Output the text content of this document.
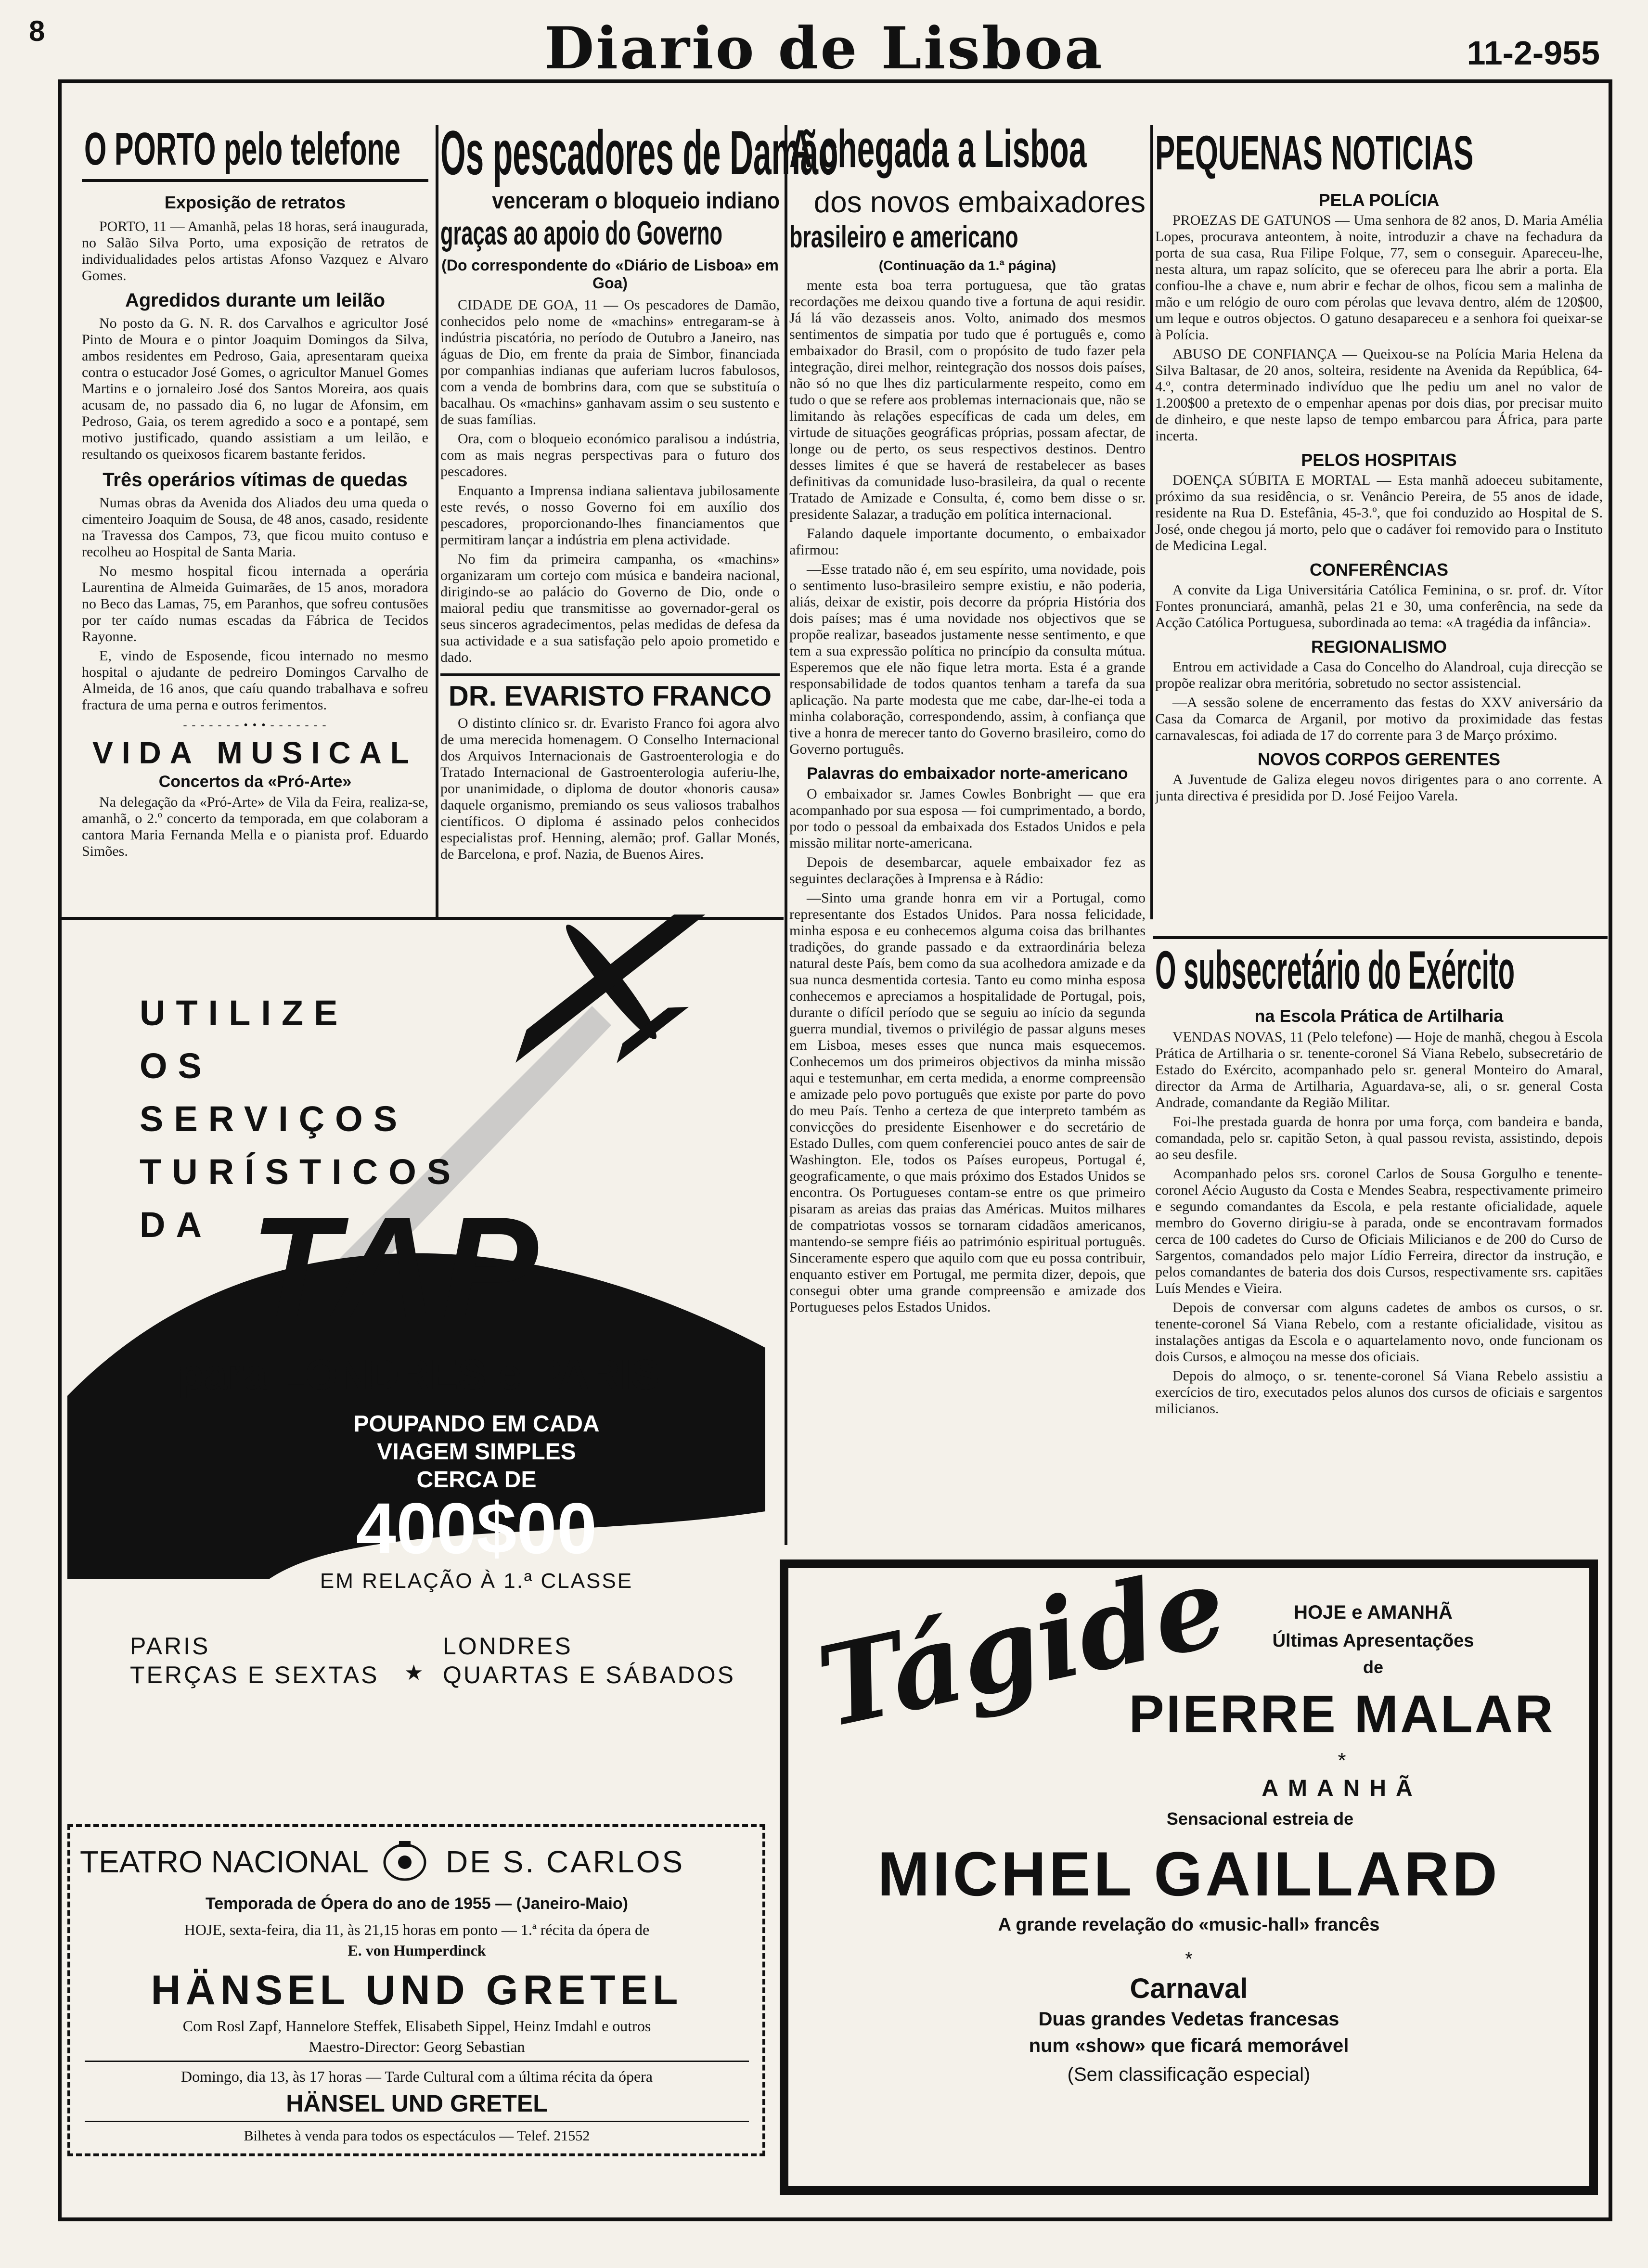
8	Diario de Lisboa	11-2-955
O PORTO pelo telefone
Exposição de retratos

PORTO, 11 — Amanhã, pelas 18 horas, será inaugurada, no Salão Silva Porto, uma exposição de retratos de individualidades pelos artistas Afonso Vazquez e Alvaro Gomes.

Agredidos durante um leilão

No posto da G. N. R. dos Carvalhos e agricultor José Pinto de Moura e o pintor Joaquim Domingos da Silva, ambos residentes em Pedroso, Gaia, apresentaram queixa contra o estucador José Gomes, o agricultor Manuel Gomes Martins e o jornaleiro José dos Santos Moreira, aos quais acusam de, no passado dia 6, no lugar de Afonsim, em Pedroso, Gaia, os terem agredido a soco e a pontapé, sem motivo justificado, quando assistiam a um leilão, e resultando os queixosos ficarem bastante feridos.

Três operários vítimas de quedas

Numas obras da Avenida dos Aliados deu uma queda o cimenteiro Joaquim de Sousa, de 48 anos, casado, residente na Travessa dos Campos, 73, que ficou muito contuso e recolheu ao Hospital de Santa Maria.

No mesmo hospital ficou internada a operária Laurentina de Almeida Guimarães, de 15 anos, moradora no Beco das Lamas, 75, em Paranhos, que sofreu contusões por ter caído numas escadas da Fábrica de Tecidos Rayonne.

E, vindo de Esposende, ficou internado no mesmo hospital o ajudante de pedreiro Domingos Carvalho de Almeida, de 16 anos, que caíu quando trabalhava e sofreu fractura de uma perna e outros ferimentos.

- - - - - - - • • • - - - - - - -
VIDA MUSICAL
Concertos da «Pró-Arte»

Na delegação da «Pró-Arte» de Vila da Feira, realiza-se, amanhã, o 2.º concerto da temporada, em que colaboram a cantora Maria Fernanda Mella e o pianista prof. Eduardo Simões.

Os pescadores de Damão
venceram o bloqueio indiano
graças ao apoio do Governo
(Do correspondente do «Diário de Lisboa» em Goa)

CIDADE DE GOA, 11 — Os pescadores de Damão, conhecidos pelo nome de «machins» entregaram-se à indústria piscatória, no período de Outubro a Janeiro, nas águas de Dio, em frente da praia de Simbor, financiada por companhias indianas que auferiam lucros fabulosos, com a venda de bombrins dara, com que se substituía o bacalhau. Os «machins» ganhavam assim o seu sustento e de suas famílias.

Ora, com o bloqueio económico paralisou a indústria, com as mais negras perspectivas para o futuro dos pescadores.

Enquanto a Imprensa indiana salientava jubilosamente este revés, o nosso Governo foi em auxílio dos pescadores, proporcionando-lhes financiamentos que permitiram lançar a indústria em plena actividade.

No fim da primeira campanha, os «machins» organizaram um cortejo com música e bandeira nacional, dirigindo-se ao palácio do Governo de Dio, onde o maioral pediu que transmitisse ao governador-geral os seus sinceros agradecimentos, pelas medidas de defesa da sua actividade e a sua satisfação pelo apoio prometido e dado.

DR. EVARISTO FRANCO

O distinto clínico sr. dr. Evaristo Franco foi agora alvo de uma merecida homenagem. O Conselho Internacional dos Arquivos Internacionais de Gastroenterologia e do Tratado Internacional de Gastroenterologia auferiu-lhe, por unanimidade, o diploma de doutor «honoris causa» daquele organismo, premiando os seus valiosos trabalhos científicos. O diploma é assinado pelos conhecidos especialistas prof. Henning, alemão; prof. Gallar Monés, de Barcelona, e prof. Nazia, de Buenos Aires.

A chegada a Lisboa
dos novos embaixadores
brasileiro e americano
(Continuação da 1.ª página)

mente esta boa terra portuguesa, que tão gratas recordações me deixou quando tive a fortuna de aqui residir. Já lá vão dezasseis anos. Volto, animado dos mesmos sentimentos de simpatia por tudo que é português e, como embaixador do Brasil, com o propósito de tudo fazer pela integração, direi melhor, reintegração dos nossos dois países, não só no que lhes diz particularmente respeito, como em tudo o que se refere aos problemas internacionais que, não se limitando às relações específicas de cada um deles, em virtude de situações geográficas próprias, possam afectar, de longe ou de perto, os seus respectivos destinos. Dentro desses limites é que se haverá de restabelecer as bases definitivas da comunidade luso-brasileira, da qual o recente Tratado de Amizade e Consulta, é, como bem disse o sr. presidente Salazar, a tradução em política internacional.

Falando daquele importante documento, o embaixador afirmou:

—Esse tratado não é, em seu espírito, uma novidade, pois o sentimento luso-brasileiro sempre existiu, e não poderia, aliás, deixar de existir, pois decorre da própria História dos dois países; mas é uma novidade nos objectivos que se propõe realizar, baseados justamente nesse sentimento, e que tem a sua expressão política no princípio da consulta mútua. Esperemos que ele não fique letra morta. Esta é a grande responsabilidade de todos quantos tenham a tarefa da sua aplicação. Na parte modesta que me cabe, dar-lhe-ei toda a minha colaboração, correspondendo, assim, à confiança que tive a honra de merecer tanto do Governo brasileiro, como do Governo português.

Palavras do embaixador norte-americano

O embaixador sr. James Cowles Bonbright — que era acompanhado por sua esposa — foi cumprimentado, a bordo, por todo o pessoal da embaixada dos Estados Unidos e pela missão militar norte-americana.

Depois de desembarcar, aquele embaixador fez as seguintes declarações à Imprensa e à Rádio:

—Sinto uma grande honra em vir a Portugal, como representante dos Estados Unidos. Para nossa felicidade, minha esposa e eu conhecemos alguma coisa das brilhantes tradições, do grande passado e da extraordinária beleza natural deste País, bem como da sua acolhedora amizade e da sua nunca desmentida cortesia. Tanto eu como minha esposa conhecemos e apreciamos a hospitalidade de Portugal, pois, durante o difícil período que se seguiu ao início da segunda guerra mundial, tivemos o privilégio de passar alguns meses em Lisboa, meses esses que nunca mais esquecemos. Conhecemos um dos primeiros objectivos da minha missão aqui e testemunhar, em certa medida, a enorme compreensão e amizade pelo povo português que existe por parte do povo do meu País. Tenho a certeza de que interpreto também as convicções do presidente Eisenhower e do secretário de Estado Dulles, com quem conferenciei pouco antes de sair de Washington. Ele, todos os Países europeus, Portugal é, geograficamente, o que mais próximo dos Estados Unidos se encontra. Os Portugueses contam-se entre os que primeiro pisaram as areias das praias das Américas. Muitos milhares de compatriotas vossos se tornaram cidadãos americanos, mantendo-se sempre fiéis ao património espiritual português. Sinceramente espero que aquilo com que eu possa contribuir, enquanto estiver em Portugal, me permita dizer, depois, que consegui obter uma grande compreensão e amizade dos Portugueses pelos Estados Unidos.

PEQUENAS NOTICIAS
PELA POLÍCIA

PROEZAS DE GATUNOS — Uma senhora de 82 anos, D. Maria Amélia Lopes, procurava anteontem, à noite, introduzir a chave na fechadura da porta de sua casa, Rua Filipe Folque, 77, sem o conseguir. Apareceu-lhe, nesta altura, um rapaz solícito, que se ofereceu para lhe abrir a porta. Ela confiou-lhe a chave e, num abrir e fechar de olhos, ficou sem a malinha de mão e um relógio de ouro com pérolas que levava dentro, além de 120$00, um leque e outros objectos. O gatuno desapareceu e a senhora foi queixar-se à Polícia.

ABUSO DE CONFIANÇA — Queixou-se na Polícia Maria Helena da Silva Baltasar, de 20 anos, solteira, residente na Avenida da República, 64-4.º, contra determinado indivíduo que lhe pediu um anel no valor de 1.200$00 a pretexto de o empenhar apenas por dois dias, por precisar muito de dinheiro, e que neste lapso de tempo embarcou para África, para parte incerta.

PELOS HOSPITAIS

DOENÇA SÚBITA E MORTAL — Esta manhã adoeceu subitamente, próximo da sua residência, o sr. Venâncio Pereira, de 55 anos de idade, residente na Rua D. Estefânia, 45-3.º, que foi conduzido ao Hospital de S. José, onde chegou já morto, pelo que o cadáver foi removido para o Instituto de Medicina Legal.

CONFERÊNCIAS

A convite da Liga Universitária Católica Feminina, o sr. prof. dr. Vítor Fontes pronunciará, amanhã, pelas 21 e 30, uma conferência, na sede da Acção Católica Portuguesa, subordinada ao tema: «A tragédia da infância».

REGIONALISMO

Entrou em actividade a Casa do Concelho do Alandroal, cuja direcção se propõe realizar obra meritória, sobretudo no sector assistencial.

—A sessão solene de encerramento das festas do XXV aniversário da Casa da Comarca de Arganil, por motivo da proximidade das festas carnavalescas, foi adiada de 17 do corrente para 3 de Março próximo.

NOVOS CORPOS GERENTES

A Juventude de Galiza elegeu novos dirigentes para o ano corrente. A junta directiva é presidida por D. José Feijoo Varela.

O subsecretário do Exército
na Escola Prática de Artilharia

VENDAS NOVAS, 11 (Pelo telefone) — Hoje de manhã, chegou à Escola Prática de Artilharia o sr. tenente-coronel Sá Viana Rebelo, subsecretário de Estado do Exército, acompanhado pelo sr. general Monteiro do Amaral, director da Arma de Artilharia, Aguardava-se, ali, o sr. general Costa Andrade, comandante da Região Militar.

Foi-lhe prestada guarda de honra por uma força, com bandeira e banda, comandada, pelo sr. capitão Seton, à qual passou revista, assistindo, depois ao seu desfile.

Acompanhado pelos srs. coronel Carlos de Sousa Gorgulho e tenente-coronel Aécio Augusto da Costa e Mendes Seabra, respectivamente primeiro e segundo comandantes da Escola, e pela restante oficialidade, aquele membro do Governo dirigiu-se à parada, onde se encontravam formados cerca de 100 cadetes do Curso de Oficiais Milicianos e de 200 do Curso de Sargentos, comandados pelo major Lídio Ferreira, director da instrução, e pelos comandantes de bateria dos dois Cursos, respectivamente srs. capitães Luís Mendes e Vieira.

Depois de conversar com alguns cadetes de ambos os cursos, o sr. tenente-coronel Sá Viana Rebelo, com a restante oficialidade, visitou as instalações antigas da Escola e o aquartelamento novo, onde funcionam os dois Cursos, e almoçou na messe dos oficiais.

Depois do almoço, o sr. tenente-coronel Sá Viana Rebelo assistiu a exercícios de tiro, executados pelos alunos dos cursos de oficiais e sargentos milicianos.

UTILIZE
OS
SERVIÇOS
TURÍSTICOS
DA TAP
para LONDRES e PARIS
POUPANDO EM CADA
VIAGEM SIMPLES
CERCA DE
400$00
EM RELAÇÃO À 1.ª CLASSE
PARIS
TERÇAS E SEXTAS ★
LONDRES
QUARTAS E SÁBADOS
TEATRO NACIONAL	DE S. CARLOS
Temporada de Ópera do ano de 1955 — (Janeiro-Maio)
HOJE, sexta-feira, dia 11, às 21,15 horas em ponto — 1.ª récita da ópera de
E. von Humperdinck
HÄNSEL UND GRETEL
Com Rosl Zapf, Hannelore Steffek, Elisabeth Sippel, Heinz Imdahl e outros
Maestro-Director: Georg Sebastian
Domingo, dia 13, às 17 horas — Tarde Cultural com a última récita da ópera
HÄNSEL UND GRETEL
Bilhetes à venda para todos os espectáculos — Telef. 21552
Tágide	HOJE e AMANHÃ
Últimas Apresentações
de
PIERRE MALAR
*
AMANHÃ
Sensacional estreia de
MICHEL GAILLARD
A grande revelação do «music-hall» francês
*
Carnaval
Duas grandes Vedetas francesas
num «show» que ficará memorável
(Sem classificação especial)
